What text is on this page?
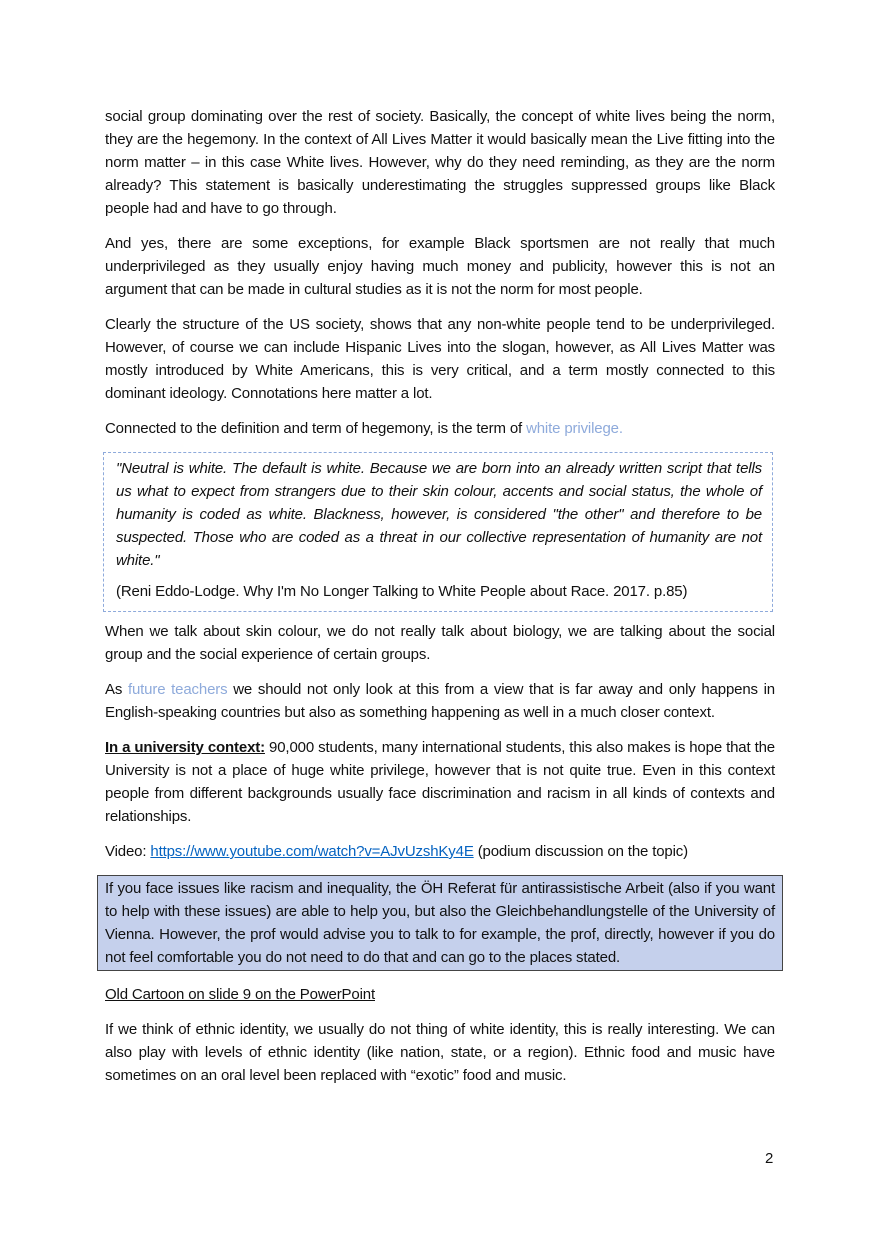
social group dominating over the rest of society. Basically, the concept of white lives being the norm, they are the hegemony. In the context of All Lives Matter it would basically mean the Live fitting into the norm matter – in this case White lives. However, why do they need reminding, as they are the norm already? This statement is basically underestimating the struggles suppressed groups like Black people had and have to go through.

And yes, there are some exceptions, for example Black sportsmen are not really that much underprivileged as they usually enjoy having much money and publicity, however this is not an argument that can be made in cultural studies as it is not the norm for most people.

Clearly the structure of the US society, shows that any non-white people tend to be underprivileged. However, of course we can include Hispanic Lives into the slogan, however, as All Lives Matter was mostly introduced by White Americans, this is very critical, and a term mostly connected to this dominant ideology. Connotations here matter a lot.

Connected to the definition and term of hegemony, is the term of white privilege.

"Neutral is white. The default is white. Because we are born into an already written script that tells us what to expect from strangers due to their skin colour, accents and social status, the whole of humanity is coded as white. Blackness, however, is considered "the other" and therefore to be suspected. Those who are coded as a threat in our collective representation of humanity are not white."

(Reni Eddo-Lodge. Why I'm No Longer Talking to White People about Race. 2017. p.85)

When we talk about skin colour, we do not really talk about biology, we are talking about the social group and the social experience of certain groups.

As future teachers we should not only look at this from a view that is far away and only happens in English-speaking countries but also as something happening as well in a much closer context.

In a university context: 90,000 students, many international students, this also makes is hope that the University is not a place of huge white privilege, however that is not quite true. Even in this context people from different backgrounds usually face discrimination and racism in all kinds of contexts and relationships.

Video: https://www.youtube.com/watch?v=AJvUzshKy4E (podium discussion on the topic)

If you face issues like racism and inequality, the ÖH Referat für antirassistische Arbeit (also if you want to help with these issues) are able to help you, but also the Gleichbehandlungstelle of the University of Vienna. However, the prof would advise you to talk to for example, the prof, directly, however if you do not feel comfortable you do not need to do that and can go to the places stated.

Old Cartoon on slide 9 on the PowerPoint

If we think of ethnic identity, we usually do not thing of white identity, this is really interesting. We can also play with levels of ethnic identity (like nation, state, or a region). Ethnic food and music have sometimes on an oral level been replaced with “exotic” food and music.

2
